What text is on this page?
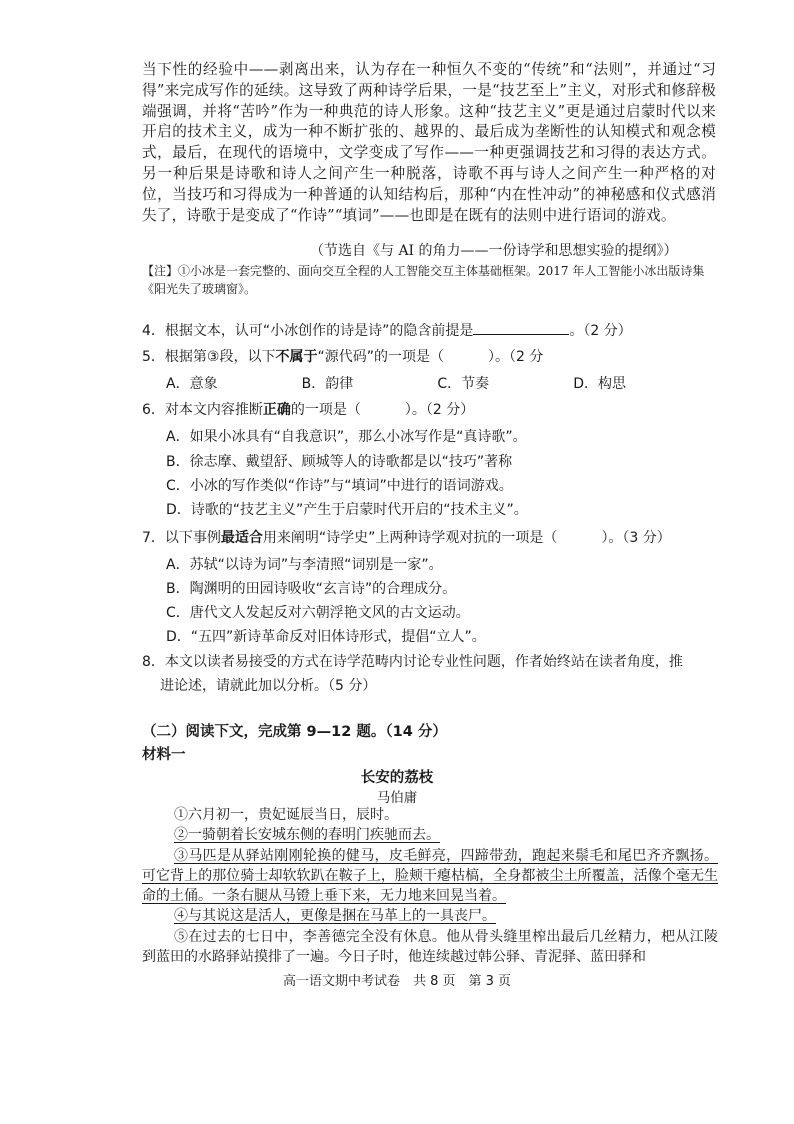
当下性的经验中——剥离出来，认为存在一种恒久不变的“传统”和“法则”，并通过“习得”来完成写作的延续。这导致了两种诗学后果，一是“技艺至上”主义，对形式和修辞极端强调，并将“苦吟”作为一种典范的诗人形象。这种“技艺主义”更是通过启蒙时代以来开启的技术主义，成为一种不断扩张的、越界的、最后成为垄断性的认知模式和观念模式，最后，在现代的语境中，文学变成了写作——一种更强调技艺和习得的表达方式。另一种后果是诗歌和诗人之间产生一种脱落，诗歌不再与诗人之间产生一种严格的对位，当技巧和习得成为一种普通的认知结构后，那种“内在性冲动”的神秘感和仪式感消失了，诗歌于是变成了“作诗”“填词”——也即是在既有的法则中进行语词的游戏。

（节选自《与 AI 的角力——一份诗学和思想实验的提纲》）
【注】①小冰是一套完整的、面向交互全程的人工智能交互主体基础框架。2017 年人工智能小冰出版诗集《阳光失了玻璃窗》。
4．根据文本，认可“小冰创作的诗是诗”的隐含前提是	。（2 分）
5．根据第③段，以下不属于“源代码”的一项是（	）。（2 分
A．意象	B．韵律	C．节奏	D．构思
6．对本文内容推断正确的一项是（	）。（2 分）
A．如果小冰具有“自我意识”，那么小冰写作是“真诗歌”。
B．徐志摩、戴望舒、顾城等人的诗歌都是以“技巧”著称
C．小冰的写作类似“作诗”与“填词”中进行的语词游戏。
D．诗歌的“技艺主义”产生于启蒙时代开启的“技术主义”。
7．以下事例最适合用来阐明“诗学史”上两种诗学观对抗的一项是（	）。（3 分）
A．苏轼“以诗为词”与李清照“词别是一家”。
B．陶渊明的田园诗吸收“玄言诗”的合理成分。
C．唐代文人发起反对六朝浮艳文风的古文运动。
D．“五四”新诗革命反对旧体诗形式，提倡“立人”。
8．本文以读者易接受的方式在诗学范畴内讨论专业性问题，作者始终站在读者角度，推
进论述，请就此加以分析。（5 分）
（二）阅读下文，完成第 9—12 题。（14 分）
材料一
长安的荔枝
马伯庸

①六月初一，贵妃诞辰当日，辰时。

②一骑朝着长安城东侧的春明门疾驰而去。

③马匹是从驿站刚刚轮换的健马，皮毛鲜亮，四蹄带劲，跑起来鬃毛和尾巴齐齐飘扬。可它背上的那位骑士却软软趴在鞍子上，脸颊干瘪枯槁，全身都被尘土所覆盖，活像个毫无生命的土俑。一条右腿从马镫上垂下来，无力地来回晃当着。

④与其说这是活人，更像是捆在马革上的一具丧尸。

⑤在过去的七日中，李善德完全没有休息。他从骨头缝里榨出最后几丝精力，杷从江陵到蓝田的水路驿站摸排了一遍。今日子时，他连续越过韩公驿、青泥驿、蓝田驿和

高一语文期中考试卷　共 8 页　第 3 页
